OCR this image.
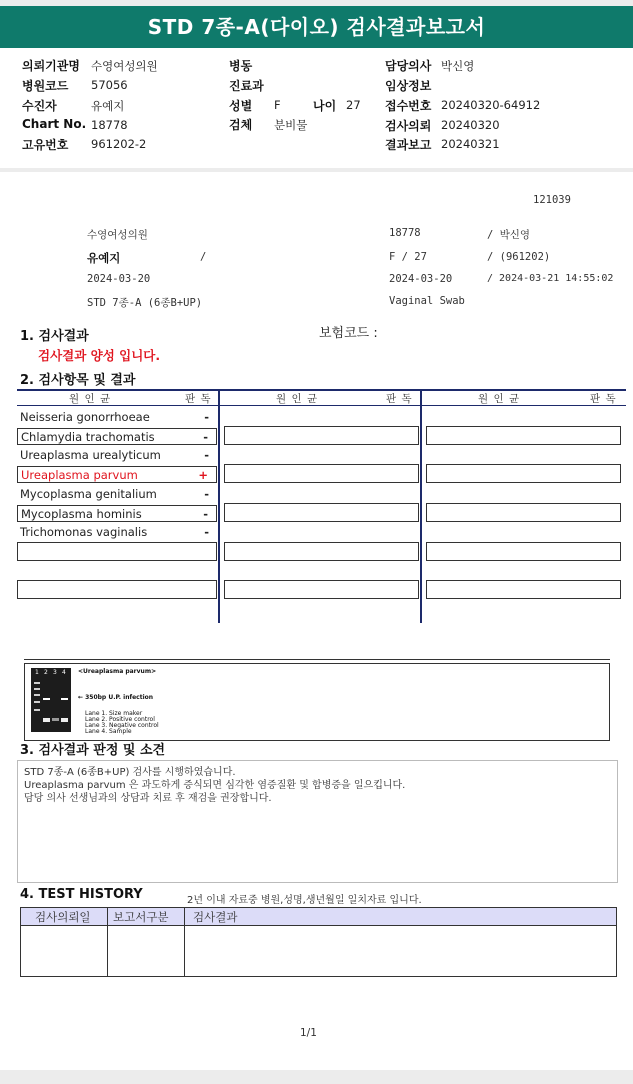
STD 7종-A(다이오) 검사결과보고서
의뢰기관명 수영여성의원
병원코드 57056
수진자	유예지
Chart No. 18778
고유번호 961202-2
병동
진료과
성별 F	나이 27
검체 분비물
담당의사 박신영
임상정보
접수번호 20240320-64912
검사의뢰 20240320
결과보고 20240321
121039
수영여성의원	18778	/ 박신영
유예지	/	F / 27	/ (961202)
2024-03-20	2024-03-20	/ 2024-03-21 14:55:02
STD 7종-A (6종B+UP)	Vaginal Swab
1. 검사결과	보험코드 :
검사결과 양성 입니다.
2. 검사항목 및 결과
원 인 균	판 독	원 인 균	판 독	원 인 균	판 독
Neisseria gonorrhoeae	-
Chlamydia trachomatis	-
Ureaplasma urealyticum	-
Ureaplasma parvum	+
Mycoplasma genitalium	-
Mycoplasma hominis	-
Trichomonas vaginalis	-
1 2 3 4 <Ureaplasma parvum>
← 350bp U.P. infection
Lane 1. Size maker
Lane 2. Positive control
Lane 3. Negative control
Lane 4. Sample
3. 검사결과 판정 및 소견
STD 7종-A (6종B+UP) 검사를 시행하였습니다.
Ureaplasma parvum 은 과도하게 증식되면 심각한 염증질환 및 합병증을 일으킵니다.
담당 의사 선생님과의 상담과 치료 후 재검을 권장합니다.
4. TEST HISTORY	2년 이내 자료중 병원,성명,생년월일 일치자료 입니다.
검사의뢰일 보고서구분 검사결과
1/1
